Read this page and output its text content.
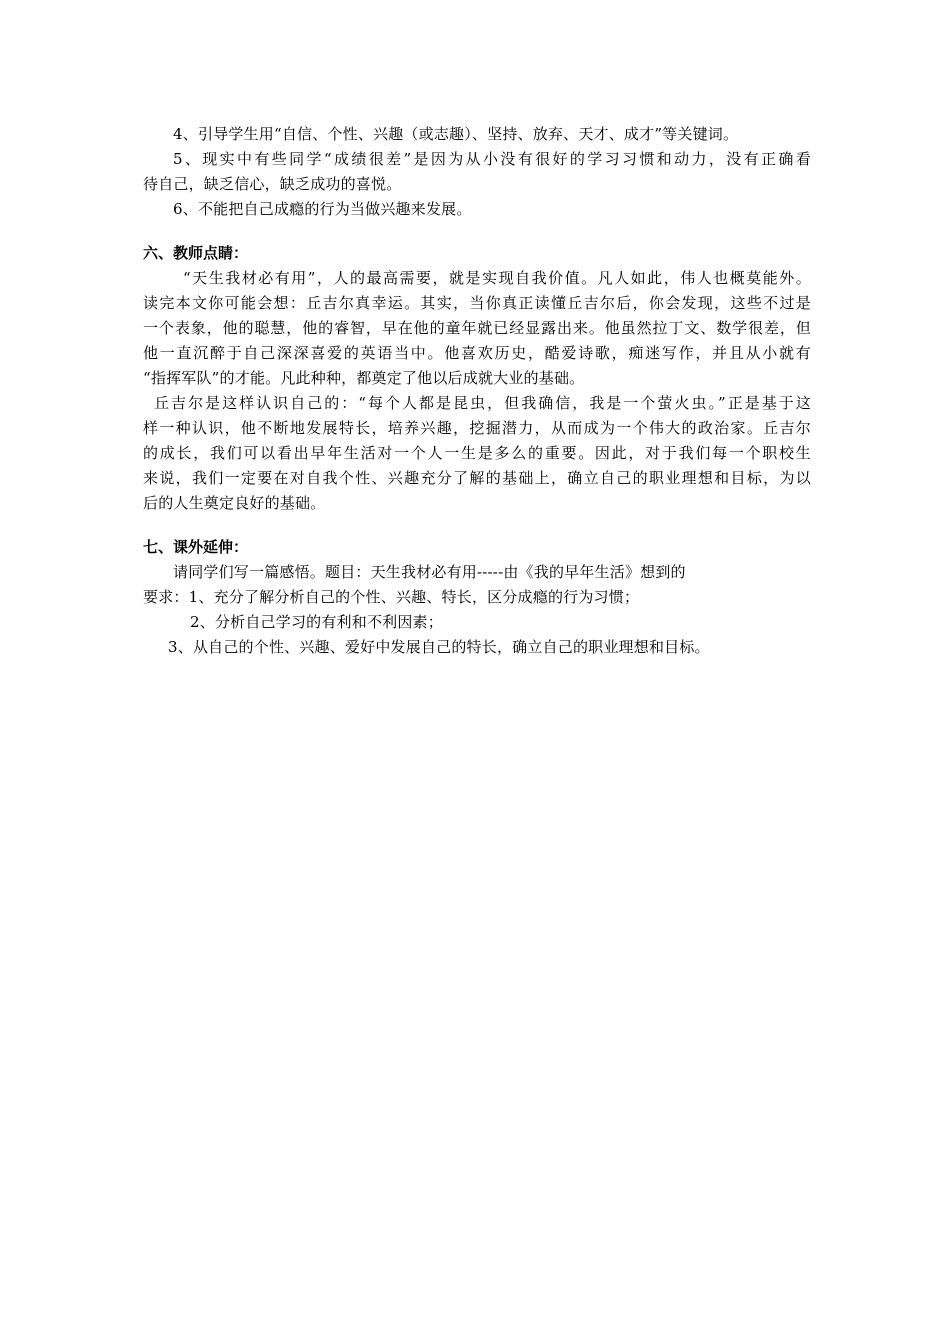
4、引导学生用“自信、个性、兴趣（或志趣）、坚持、放弃、天才、成才”等关键词。
5、现实中有些同学“成绩很差”是因为从小没有很好的学习习惯和动力，没有正确看
待自己，缺乏信心，缺乏成功的喜悦。
6、不能把自己成瘾的行为当做兴趣来发展。
六、教师点睛：
“天生我材必有用”，人的最高需要，就是实现自我价值。凡人如此，伟人也概莫能外。
读完本文你可能会想：丘吉尔真幸运。其实，当你真正读懂丘吉尔后，你会发现，这些不过是
一个表象，他的聪慧，他的睿智，早在他的童年就已经显露出来。他虽然拉丁文、数学很差，但
他一直沉醉于自己深深喜爱的英语当中。他喜欢历史，酷爱诗歌，痴迷写作，并且从小就有
“指挥军队”的才能。凡此种种，都奠定了他以后成就大业的基础。
丘吉尔是这样认识自己的：“每个人都是昆虫，但我确信，我是一个萤火虫。”正是基于这
样一种认识，他不断地发展特长，培养兴趣，挖掘潜力，从而成为一个伟大的政治家。丘吉尔
的成长，我们可以看出早年生活对一个人一生是多么的重要。因此，对于我们每一个职校生
来说，我们一定要在对自我个性、兴趣充分了解的基础上，确立自己的职业理想和目标，为以
后的人生奠定良好的基础。
七、课外延伸：
请同学们写一篇感悟。题目：天生我材必有用-----由《我的早年生活》想到的
要求：1、充分了解分析自己的个性、兴趣、特长，区分成瘾的行为习惯；
2、分析自己学习的有利和不利因素；
3、从自己的个性、兴趣、爱好中发展自己的特长，确立自己的职业理想和目标。
